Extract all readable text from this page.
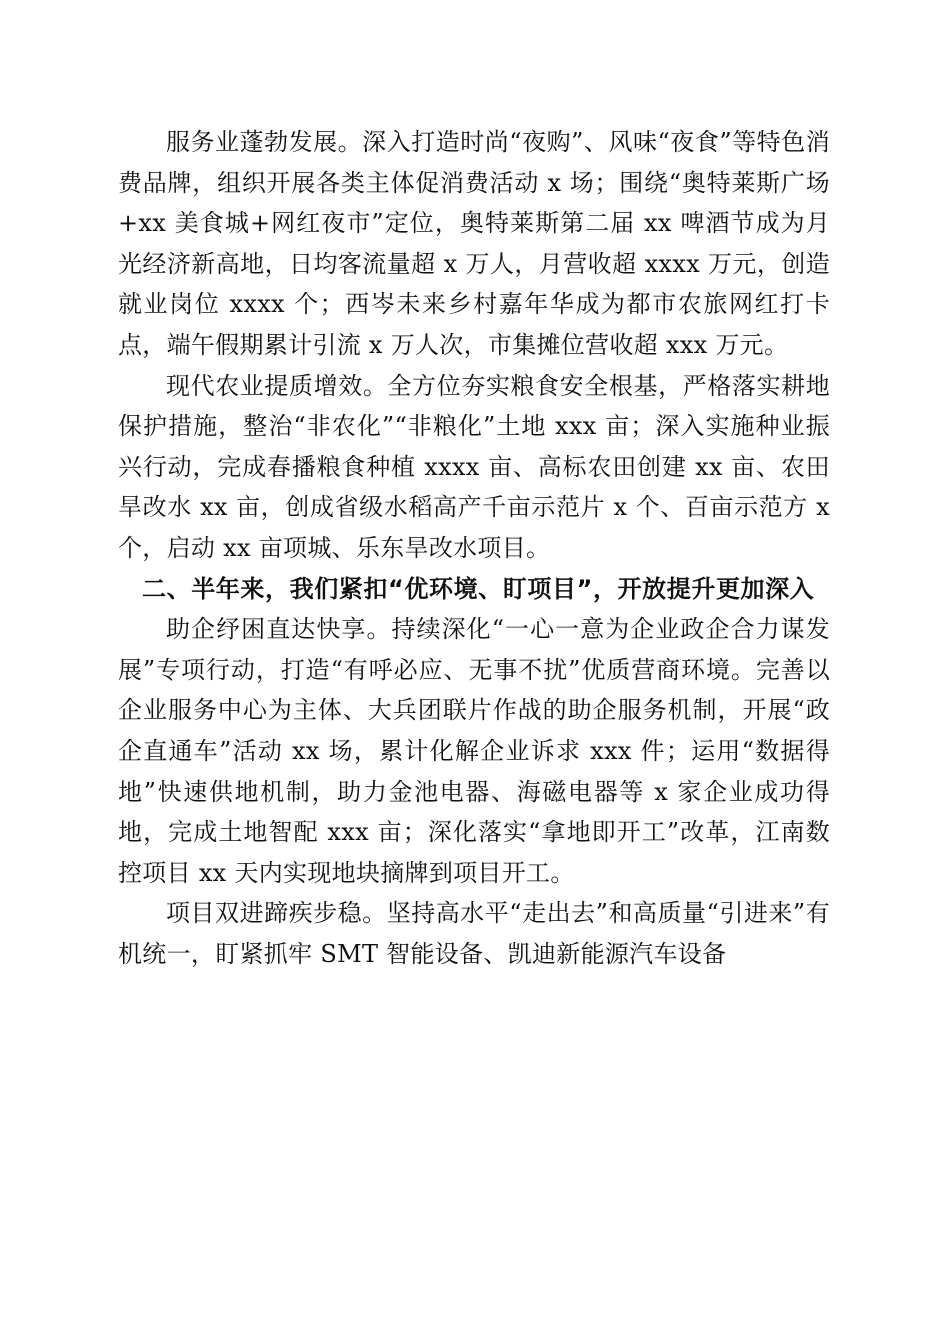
服务业蓬勃发展。深入打造时尚“夜购”、风味“夜食”等特色消费品牌，组织开展各类主体促消费活动 x 场；围绕“奥特莱斯广场+xx 美食城+网红夜市”定位，奥特莱斯第二届 xx 啤酒节成为月光经济新高地，日均客流量超 x 万人，月营收超 xxxx 万元，创造就业岗位 xxxx 个；西岑未来乡村嘉年华成为都市农旅网红打卡点，端午假期累计引流 x 万人次，市集摊位营收超 xxx 万元。

现代农业提质增效。全方位夯实粮食安全根基，严格落实耕地保护措施，整治“非农化”“非粮化”土地 xxx 亩；深入实施种业振兴行动，完成春播粮食种植 xxxx 亩、高标农田创建 xx 亩、农田旱改水 xx 亩，创成省级水稻高产千亩示范片 x 个、百亩示范方 x 个，启动 xx 亩项城、乐东旱改水项目。

二、半年来，我们紧扣“优环境、盯项目”，开放提升更加深入

助企纾困直达快享。持续深化“一心一意为企业政企合力谋发展”专项行动，打造“有呼必应、无事不扰”优质营商环境。完善以企业服务中心为主体、大兵团联片作战的助企服务机制，开展“政企直通车”活动 xx 场，累计化解企业诉求 xxx 件；运用“数据得地”快速供地机制，助力金池电器、海磁电器等 x 家企业成功得地，完成土地智配 xxx 亩；深化落实“拿地即开工”改革，江南数控项目 xx 天内实现地块摘牌到项目开工。

项目双进蹄疾步稳。坚持高水平“走出去”和高质量“引进来”有机统一，盯紧抓牢 SMT 智能设备、凯迪新能源汽车设备
